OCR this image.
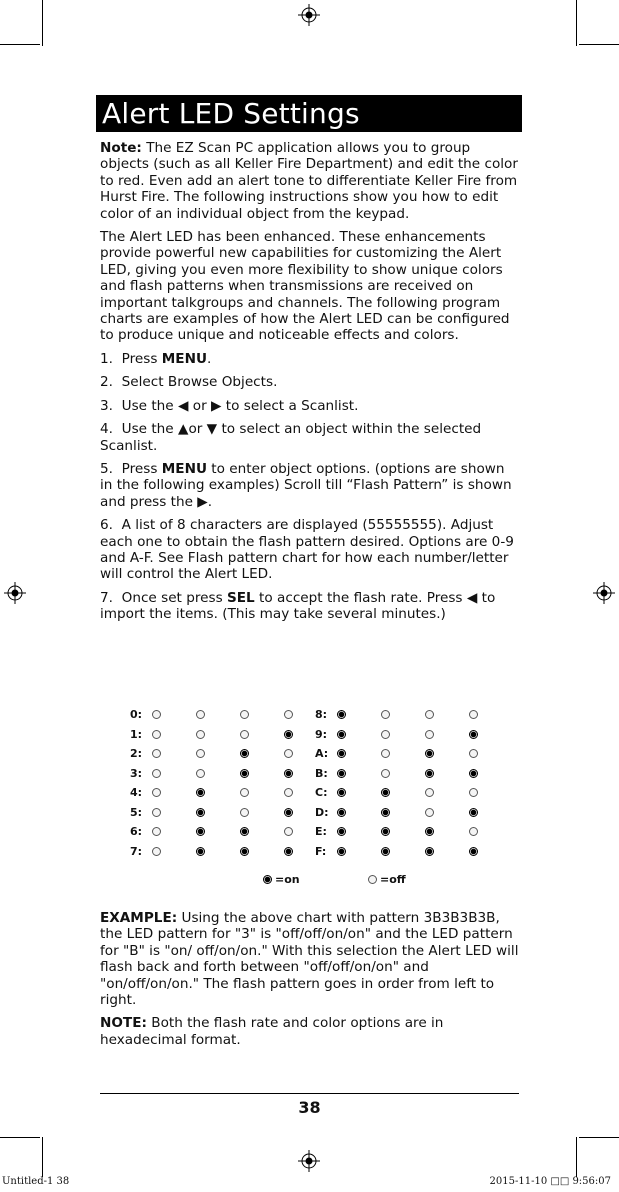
Alert LED Settings

Note: The EZ Scan PC application allows you to group objects (such as all Keller Fire Department) and edit the color to red. Even add an alert tone to differentiate Keller Fire from Hurst Fire. The following instructions show you how to edit color of an individual object from the keypad.

The Alert LED has been enhanced. These enhancements provide powerful new capabilities for customizing the Alert LED, giving you even more flexibility to show unique colors and flash patterns when transmissions are received on important talkgroups and channels. The following program charts are examples of how the Alert LED can be configured to produce unique and noticeable effects and colors.

1. Press MENU.
2. Select Browse Objects.
3. Use the ◀ or ▶ to select a Scanlist.
4. Use the ▲or ▼ to select an object within the selected Scanlist.
5. Press MENU to enter object options. (options are shown in the following examples) Scroll till “Flash Pattern” is shown and press the ▶.
6. A list of 8 characters are displayed (55555555). Adjust each one to obtain the flash pattern desired. Options are 0-9 and A-F. See Flash pattern chart for how each number/letter will control the Alert LED.
7. Once set press SEL to accept the flash rate. Press ◀ to import the items. (This may take several minutes.)
0:
1:
2:
3:
4:
5:
6:
7:
8:
9:
A:
B:
C:
D:
E:
F:
=on	=off

EXAMPLE: Using the above chart with pattern 3B3B3B3B, the LED pattern for "3" is "off/off/on/on" and the LED pattern for "B" is "on/ off/on/on." With this selection the Alert LED will flash back and forth between "off/off/on/on" and "on/off/on/on." The flash pattern goes in order from left to right.

NOTE: Both the flash rate and color options are in hexadecimal format.

38
Untitled-1 38	2015-11-10 □□ 9:56:07
